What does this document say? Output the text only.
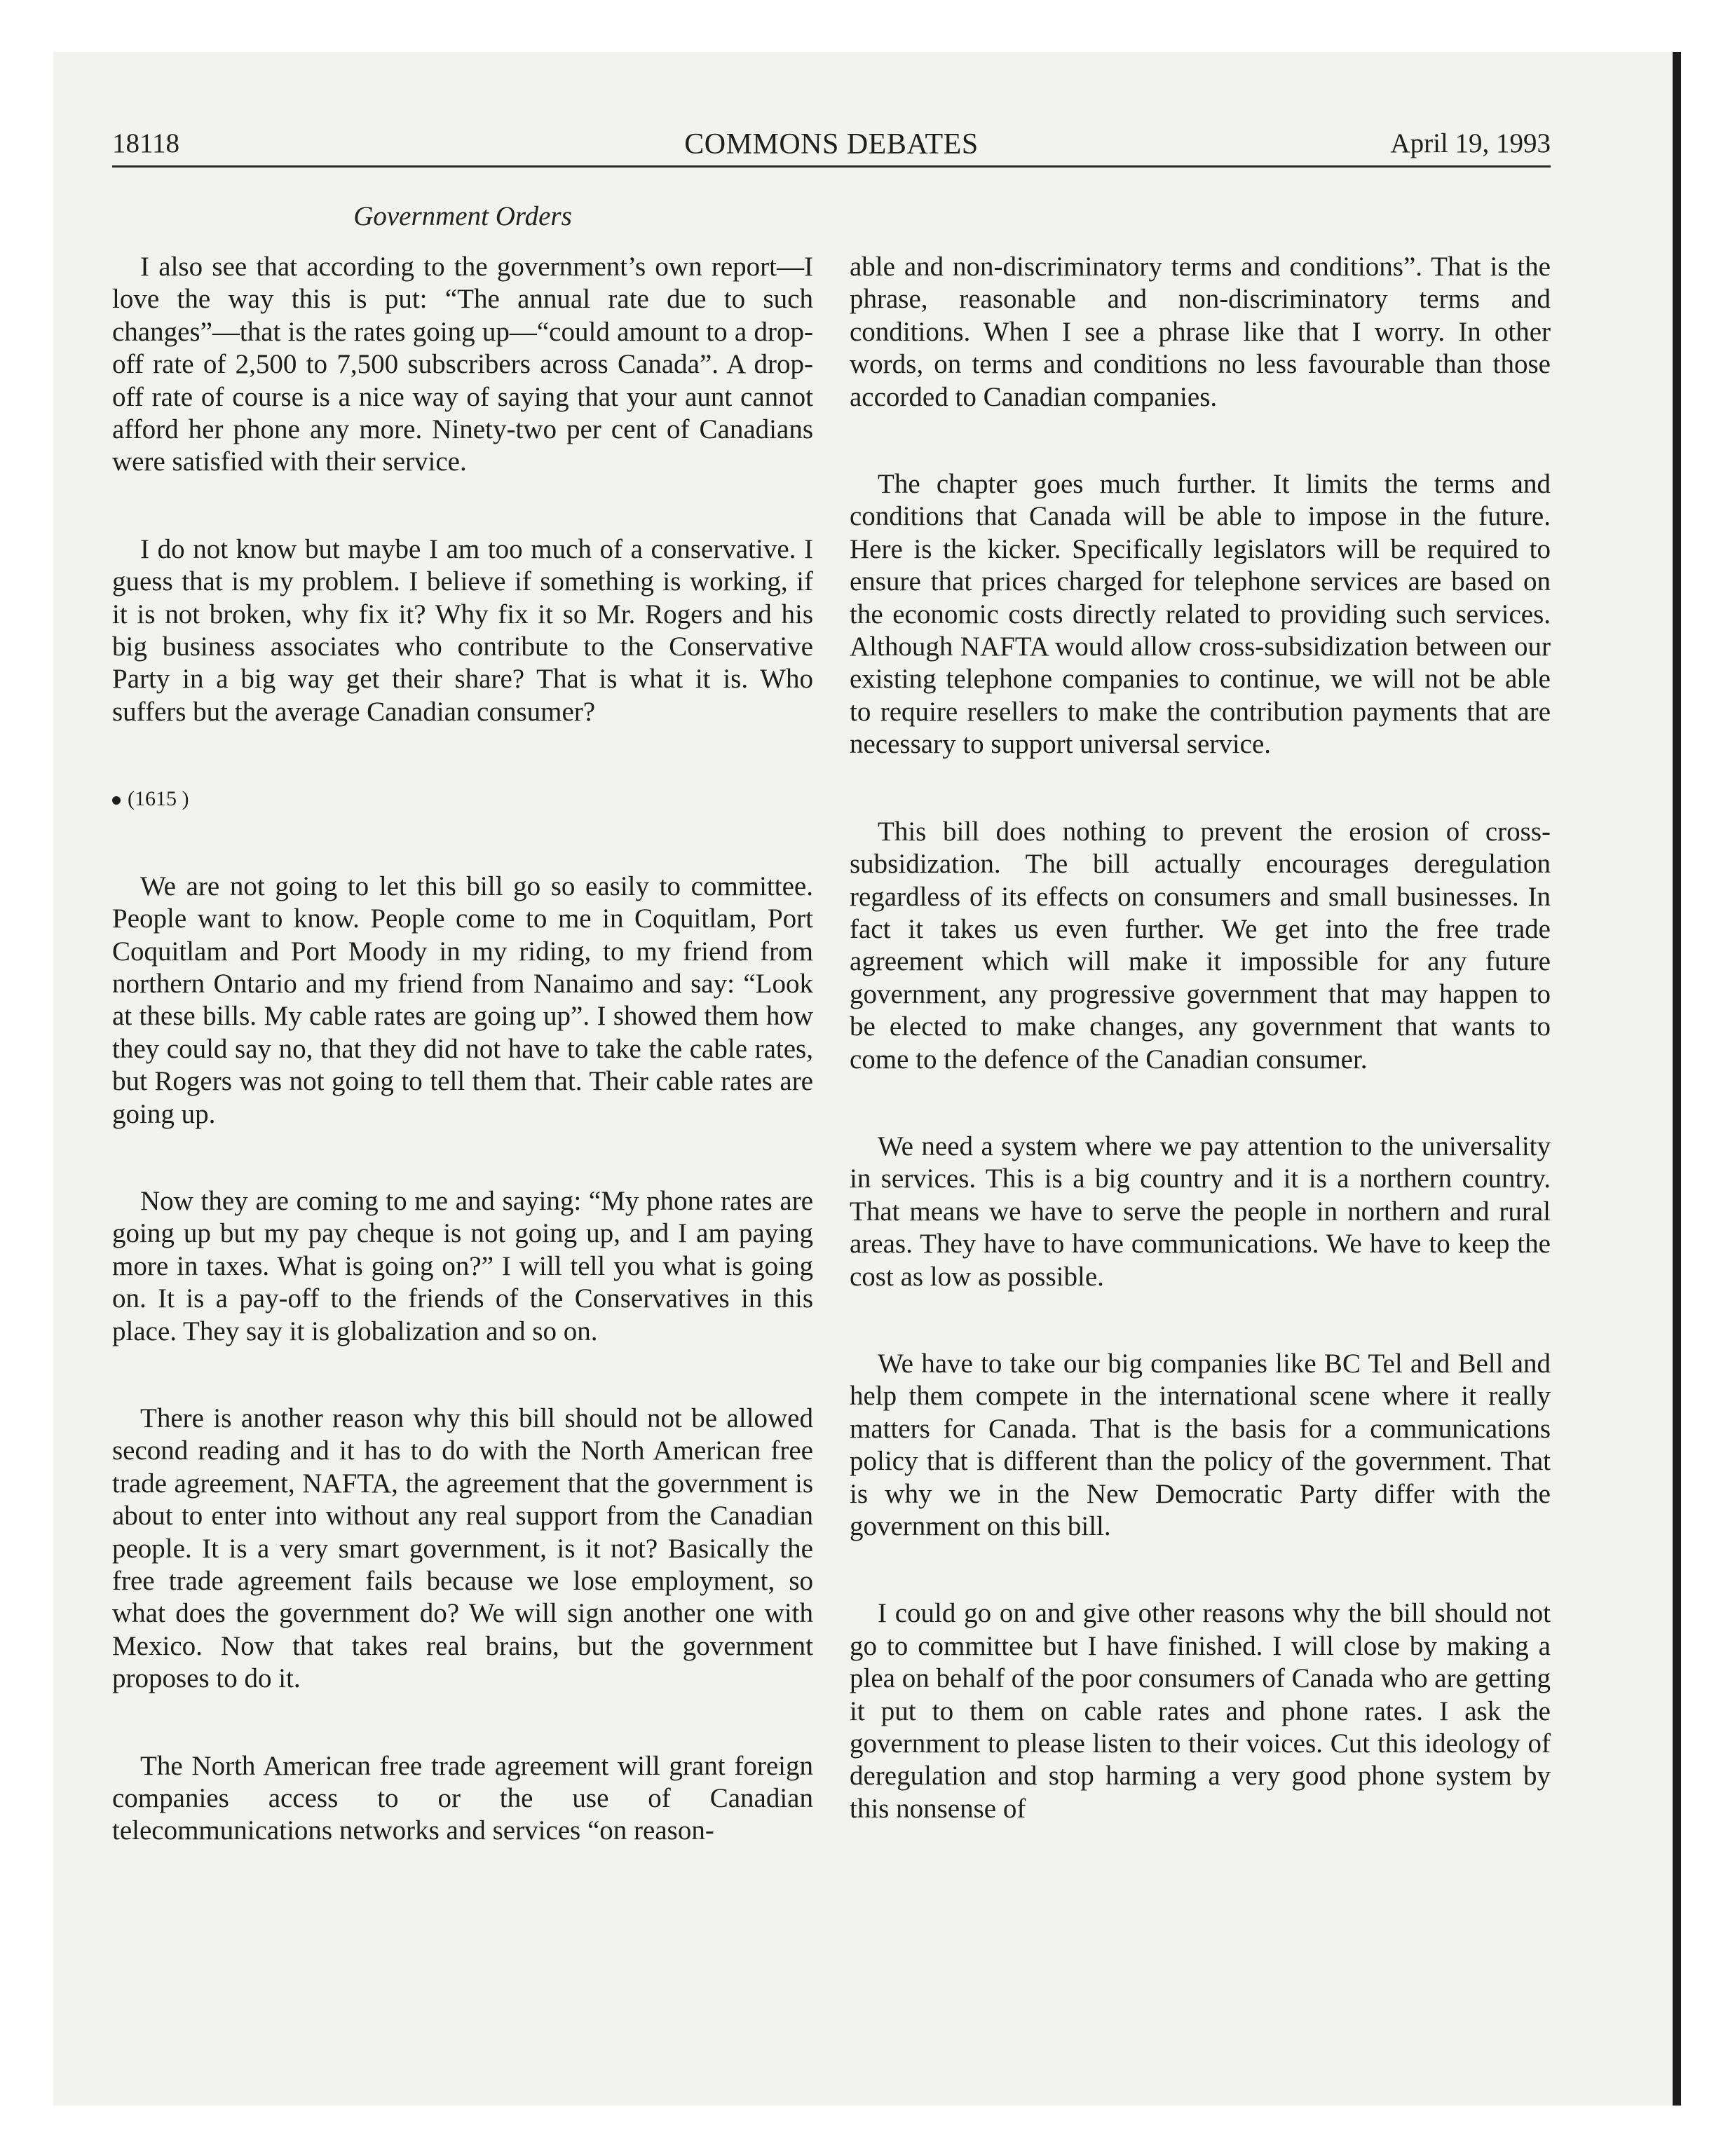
18118	COMMONS DEBATES	April 19, 1993
Government Orders

I also see that according to the government’s own report—I love the way this is put: “The annual rate due to such changes”—that is the rates going up—“could amount to a drop-off rate of 2,500 to 7,500 subscribers across Canada”. A drop-off rate of course is a nice way of saying that your aunt cannot afford her phone any more. Ninety-two per cent of Canadians were satisfied with their service.

I do not know but maybe I am too much of a conservative. I guess that is my problem. I believe if something is working, if it is not broken, why fix it? Why fix it so Mr. Rogers and his big business associates who contribute to the Conservative Party in a big way get their share? That is what it is. Who suffers but the average Canadian consumer?

(1615 )

We are not going to let this bill go so easily to committee. People want to know. People come to me in Coquitlam, Port Coquitlam and Port Moody in my riding, to my friend from northern Ontario and my friend from Nanaimo and say: “Look at these bills. My cable rates are going up”. I showed them how they could say no, that they did not have to take the cable rates, but Rogers was not going to tell them that. Their cable rates are going up.

Now they are coming to me and saying: “My phone rates are going up but my pay cheque is not going up, and I am paying more in taxes. What is going on?” I will tell you what is going on. It is a pay-off to the friends of the Conservatives in this place. They say it is globalization and so on.

There is another reason why this bill should not be allowed second reading and it has to do with the North American free trade agreement, NAFTA, the agreement that the government is about to enter into without any real support from the Canadian people. It is a very smart government, is it not? Basically the free trade agreement fails because we lose employment, so what does the government do? We will sign another one with Mexico. Now that takes real brains, but the government proposes to do it.

The North American free trade agreement will grant foreign companies access to or the use of Canadian telecommunications networks and services “on reason-

able and non-discriminatory terms and conditions”. That is the phrase, reasonable and non-discriminatory terms and conditions. When I see a phrase like that I worry. In other words, on terms and conditions no less favourable than those accorded to Canadian companies.

The chapter goes much further. It limits the terms and conditions that Canada will be able to impose in the future. Here is the kicker. Specifically legislators will be required to ensure that prices charged for telephone services are based on the economic costs directly related to providing such services. Although NAFTA would allow cross-subsidization between our existing telephone companies to continue, we will not be able to require resellers to make the contribution payments that are necessary to support universal service.

This bill does nothing to prevent the erosion of cross-subsidization. The bill actually encourages deregulation regardless of its effects on consumers and small businesses. In fact it takes us even further. We get into the free trade agreement which will make it impossible for any future government, any progressive government that may happen to be elected to make changes, any government that wants to come to the defence of the Canadian consumer.

We need a system where we pay attention to the universality in services. This is a big country and it is a northern country. That means we have to serve the people in northern and rural areas. They have to have communications. We have to keep the cost as low as possible.

We have to take our big companies like BC Tel and Bell and help them compete in the international scene where it really matters for Canada. That is the basis for a communications policy that is different than the policy of the government. That is why we in the New Democratic Party differ with the government on this bill.

I could go on and give other reasons why the bill should not go to committee but I have finished. I will close by making a plea on behalf of the poor consumers of Canada who are getting it put to them on cable rates and phone rates. I ask the government to please listen to their voices. Cut this ideology of deregulation and stop harming a very good phone system by this nonsense of
